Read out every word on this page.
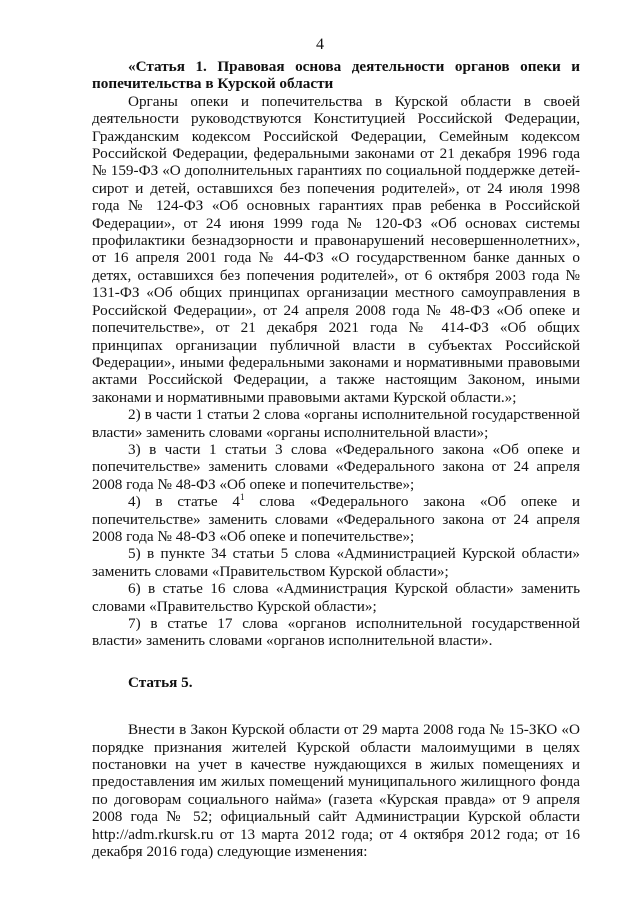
4

«Статья 1. Правовая основа деятельности органов опеки и попечительства в Курской области

Органы опеки и попечительства в Курской области в своей деятельности руководствуются Конституцией Российской Федерации, Гражданским кодексом Российской Федерации, Семейным кодексом Российской Федерации, федеральными законами от 21 декабря 1996 года № 159-ФЗ «О дополнительных гарантиях по социальной поддержке детей-сирот и детей, оставшихся без попечения родителей», от 24 июля 1998 года № 124-ФЗ «Об основных гарантиях прав ребенка в Российской Федерации», от 24 июня 1999 года № 120-ФЗ «Об основах системы профилактики безнадзорности и правонарушений несовершеннолетних», от 16 апреля 2001 года № 44-ФЗ «О государственном банке данных о детях, оставшихся без попечения родителей», от 6 октября 2003 года № 131-ФЗ «Об общих принципах организации местного самоуправления в Российской Федерации», от 24 апреля 2008 года № 48-ФЗ «Об опеке и попечительстве», от 21 декабря 2021 года № 414-ФЗ «Об общих принципах организации публичной власти в субъектах Российской Федерации», иными федеральными законами и нормативными правовыми актами Российской Федерации, а также настоящим Законом, иными законами и нормативными правовыми актами Курской области.»;

2) в части 1 статьи 2 слова «органы исполнительной государственной власти» заменить словами «органы исполнительной власти»;

3) в части 1 статьи 3 слова «Федерального закона «Об опеке и попечительстве» заменить словами «Федерального закона от 24 апреля 2008 года № 48-ФЗ «Об опеке и попечительстве»;

4) в статье $4^1$ слова «Федерального закона «Об опеке и попечительстве» заменить словами «Федерального закона от 24 апреля 2008 года № 48-ФЗ «Об опеке и попечительстве»;

5) в пункте 34 статьи 5 слова «Администрацией Курской области» заменить словами «Правительством Курской области»;

6) в статье 16 слова «Администрация Курской области» заменить словами «Правительство Курской области»;

7) в статье 17 слова «органов исполнительной государственной власти» заменить словами «органов исполнительной власти».

Статья 5.

Внести в Закон Курской области от 29 марта 2008 года № 15-ЗКО «О порядке признания жителей Курской области малоимущими в целях постановки на учет в качестве нуждающихся в жилых помещениях и предоставления им жилых помещений муниципального жилищного фонда по договорам социального найма» (газета «Курская правда» от 9 апреля 2008 года № 52; официальный сайт Администрации Курской области http://adm.rkursk.ru от 13 марта 2012 года; от 4 октября 2012 года; от 16 декабря 2016 года) следующие изменения:
